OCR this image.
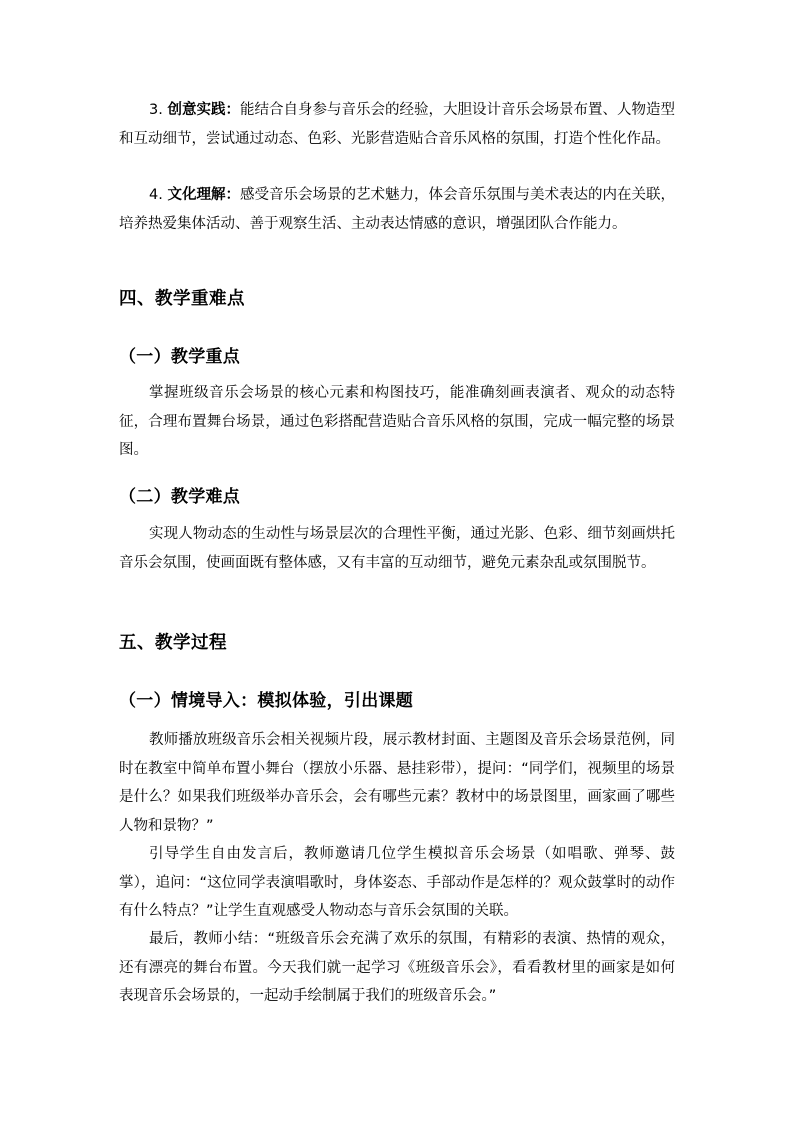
3. 创意实践：能结合自身参与音乐会的经验，大胆设计音乐会场景布置、人物造型和互动细节，尝试通过动态、色彩、光影营造贴合音乐风格的氛围，打造个性化作品。

4. 文化理解：感受音乐会场景的艺术魅力，体会音乐氛围与美术表达的内在关联，培养热爱集体活动、善于观察生活、主动表达情感的意识，增强团队合作能力。

四、教学重难点
（一）教学重点

掌握班级音乐会场景的核心元素和构图技巧，能准确刻画表演者、观众的动态特征，合理布置舞台场景，通过色彩搭配营造贴合音乐风格的氛围，完成一幅完整的场景图。

（二）教学难点

实现人物动态的生动性与场景层次的合理性平衡，通过光影、色彩、细节刻画烘托音乐会氛围，使画面既有整体感，又有丰富的互动细节，避免元素杂乱或氛围脱节。

五、教学过程
（一）情境导入：模拟体验，引出课题

教师播放班级音乐会相关视频片段，展示教材封面、主题图及音乐会场景范例，同时在教室中简单布置小舞台（摆放小乐器、悬挂彩带），提问：“同学们，视频里的场景是什么？如果我们班级举办音乐会，会有哪些元素？教材中的场景图里，画家画了哪些人物和景物？”

引导学生自由发言后，教师邀请几位学生模拟音乐会场景（如唱歌、弹琴、鼓掌），追问：“这位同学表演唱歌时，身体姿态、手部动作是怎样的？观众鼓掌时的动作有什么特点？”让学生直观感受人物动态与音乐会氛围的关联。

最后，教师小结：“班级音乐会充满了欢乐的氛围，有精彩的表演、热情的观众，还有漂亮的舞台布置。今天我们就一起学习《班级音乐会》，看看教材里的画家是如何表现音乐会场景的，一起动手绘制属于我们的班级音乐会。”
